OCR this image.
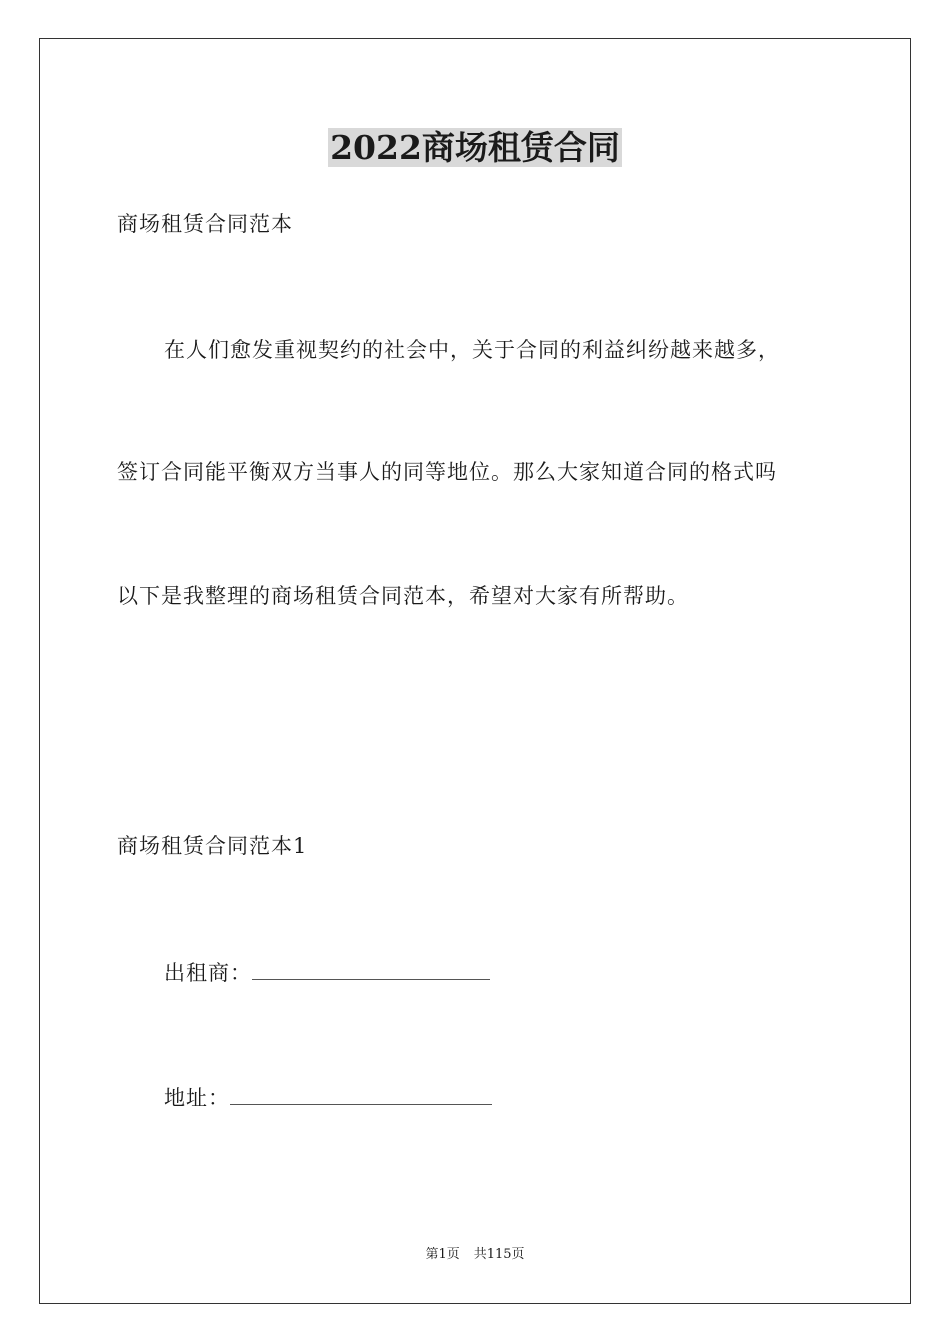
2022商场租赁合同
商场租赁合同范本
在人们愈发重视契约的社会中，关于合同的利益纠纷越来越多，
签订合同能平衡双方当事人的同等地位。那么大家知道合同的格式吗
以下是我整理的商场租赁合同范本，希望对大家有所帮助。
商场租赁合同范本1
出租商：
地址：
第1页 共115页
